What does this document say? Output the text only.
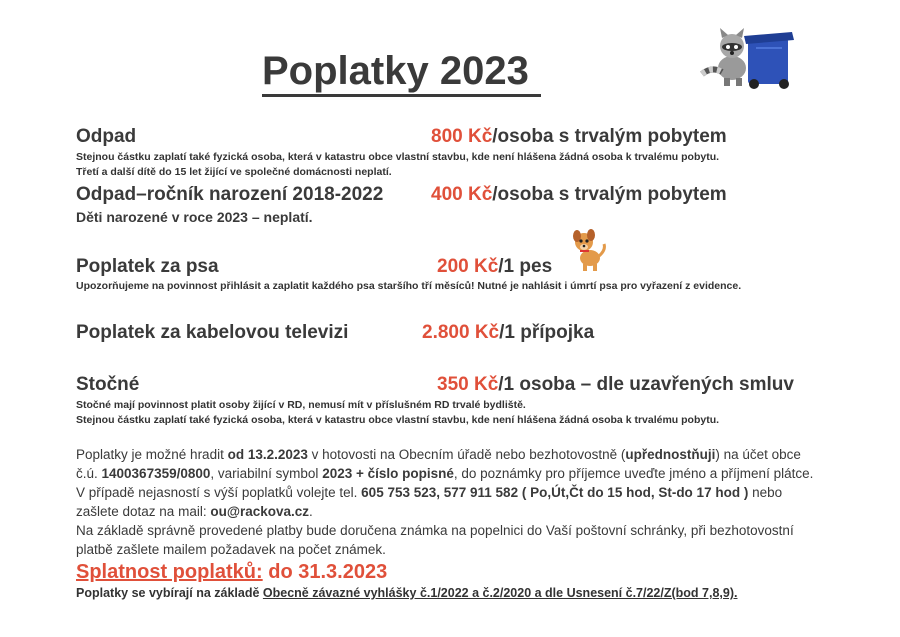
Poplatky 2023
Odpad	800 Kč/osoba s trvalým pobytem
Stejnou částku zaplatí také fyzická osoba, která v katastru obce vlastní stavbu, kde není hlášena žádná osoba k trvalému pobytu.
Třetí a další dítě do 15 let žijící ve společné domácnosti neplatí.
Odpad–ročník narození 2018-2022	400 Kč/osoba s trvalým pobytem
Děti narozené v roce 2023 – neplatí.
Poplatek za psa	200 Kč/1 pes
Upozorňujeme na povinnost přihlásit a zaplatit každého psa staršího tří měsíců! Nutné je nahlásit i úmrtí psa pro vyřazení z evidence.
Poplatek za kabelovou televizi	2.800 Kč/1 přípojka
Stočné	350 Kč/1 osoba – dle uzavřených smluv
Stočné mají povinnost platit osoby žijící v RD, nemusí mít v příslušném RD trvalé bydliště.
Stejnou částku zaplatí také fyzická osoba, která v katastru obce vlastní stavbu, kde není hlášena žádná osoba k trvalému pobytu.
Poplatky je možné hradit od 13.2.2023 v hotovosti na Obecním úřadě nebo bezhotovostně (upřednostňuji) na účet obce
č.ú. 1400367359/0800, variabilní symbol 2023 + číslo popisné, do poznámky pro příjemce uveďte jméno a příjmení plátce.
V případě nejasností s výší poplatků volejte tel. 605 753 523, 577 911 582 ( Po,Út,Čt do 15 hod, St-do 17 hod ) nebo
zašlete dotaz na mail: ou@rackova.cz.
Na základě správně provedené platby bude doručena známka na popelnici do Vaší poštovní schránky, při bezhotovostní
platbě zašlete mailem požadavek na počet známek.
Splatnost poplatků: do 31.3.2023
Poplatky se vybírají na základě Obecně závazné vyhlášky č.1/2022 a č.2/2020 a dle Usnesení č.7/22/Z(bod 7,8,9).
